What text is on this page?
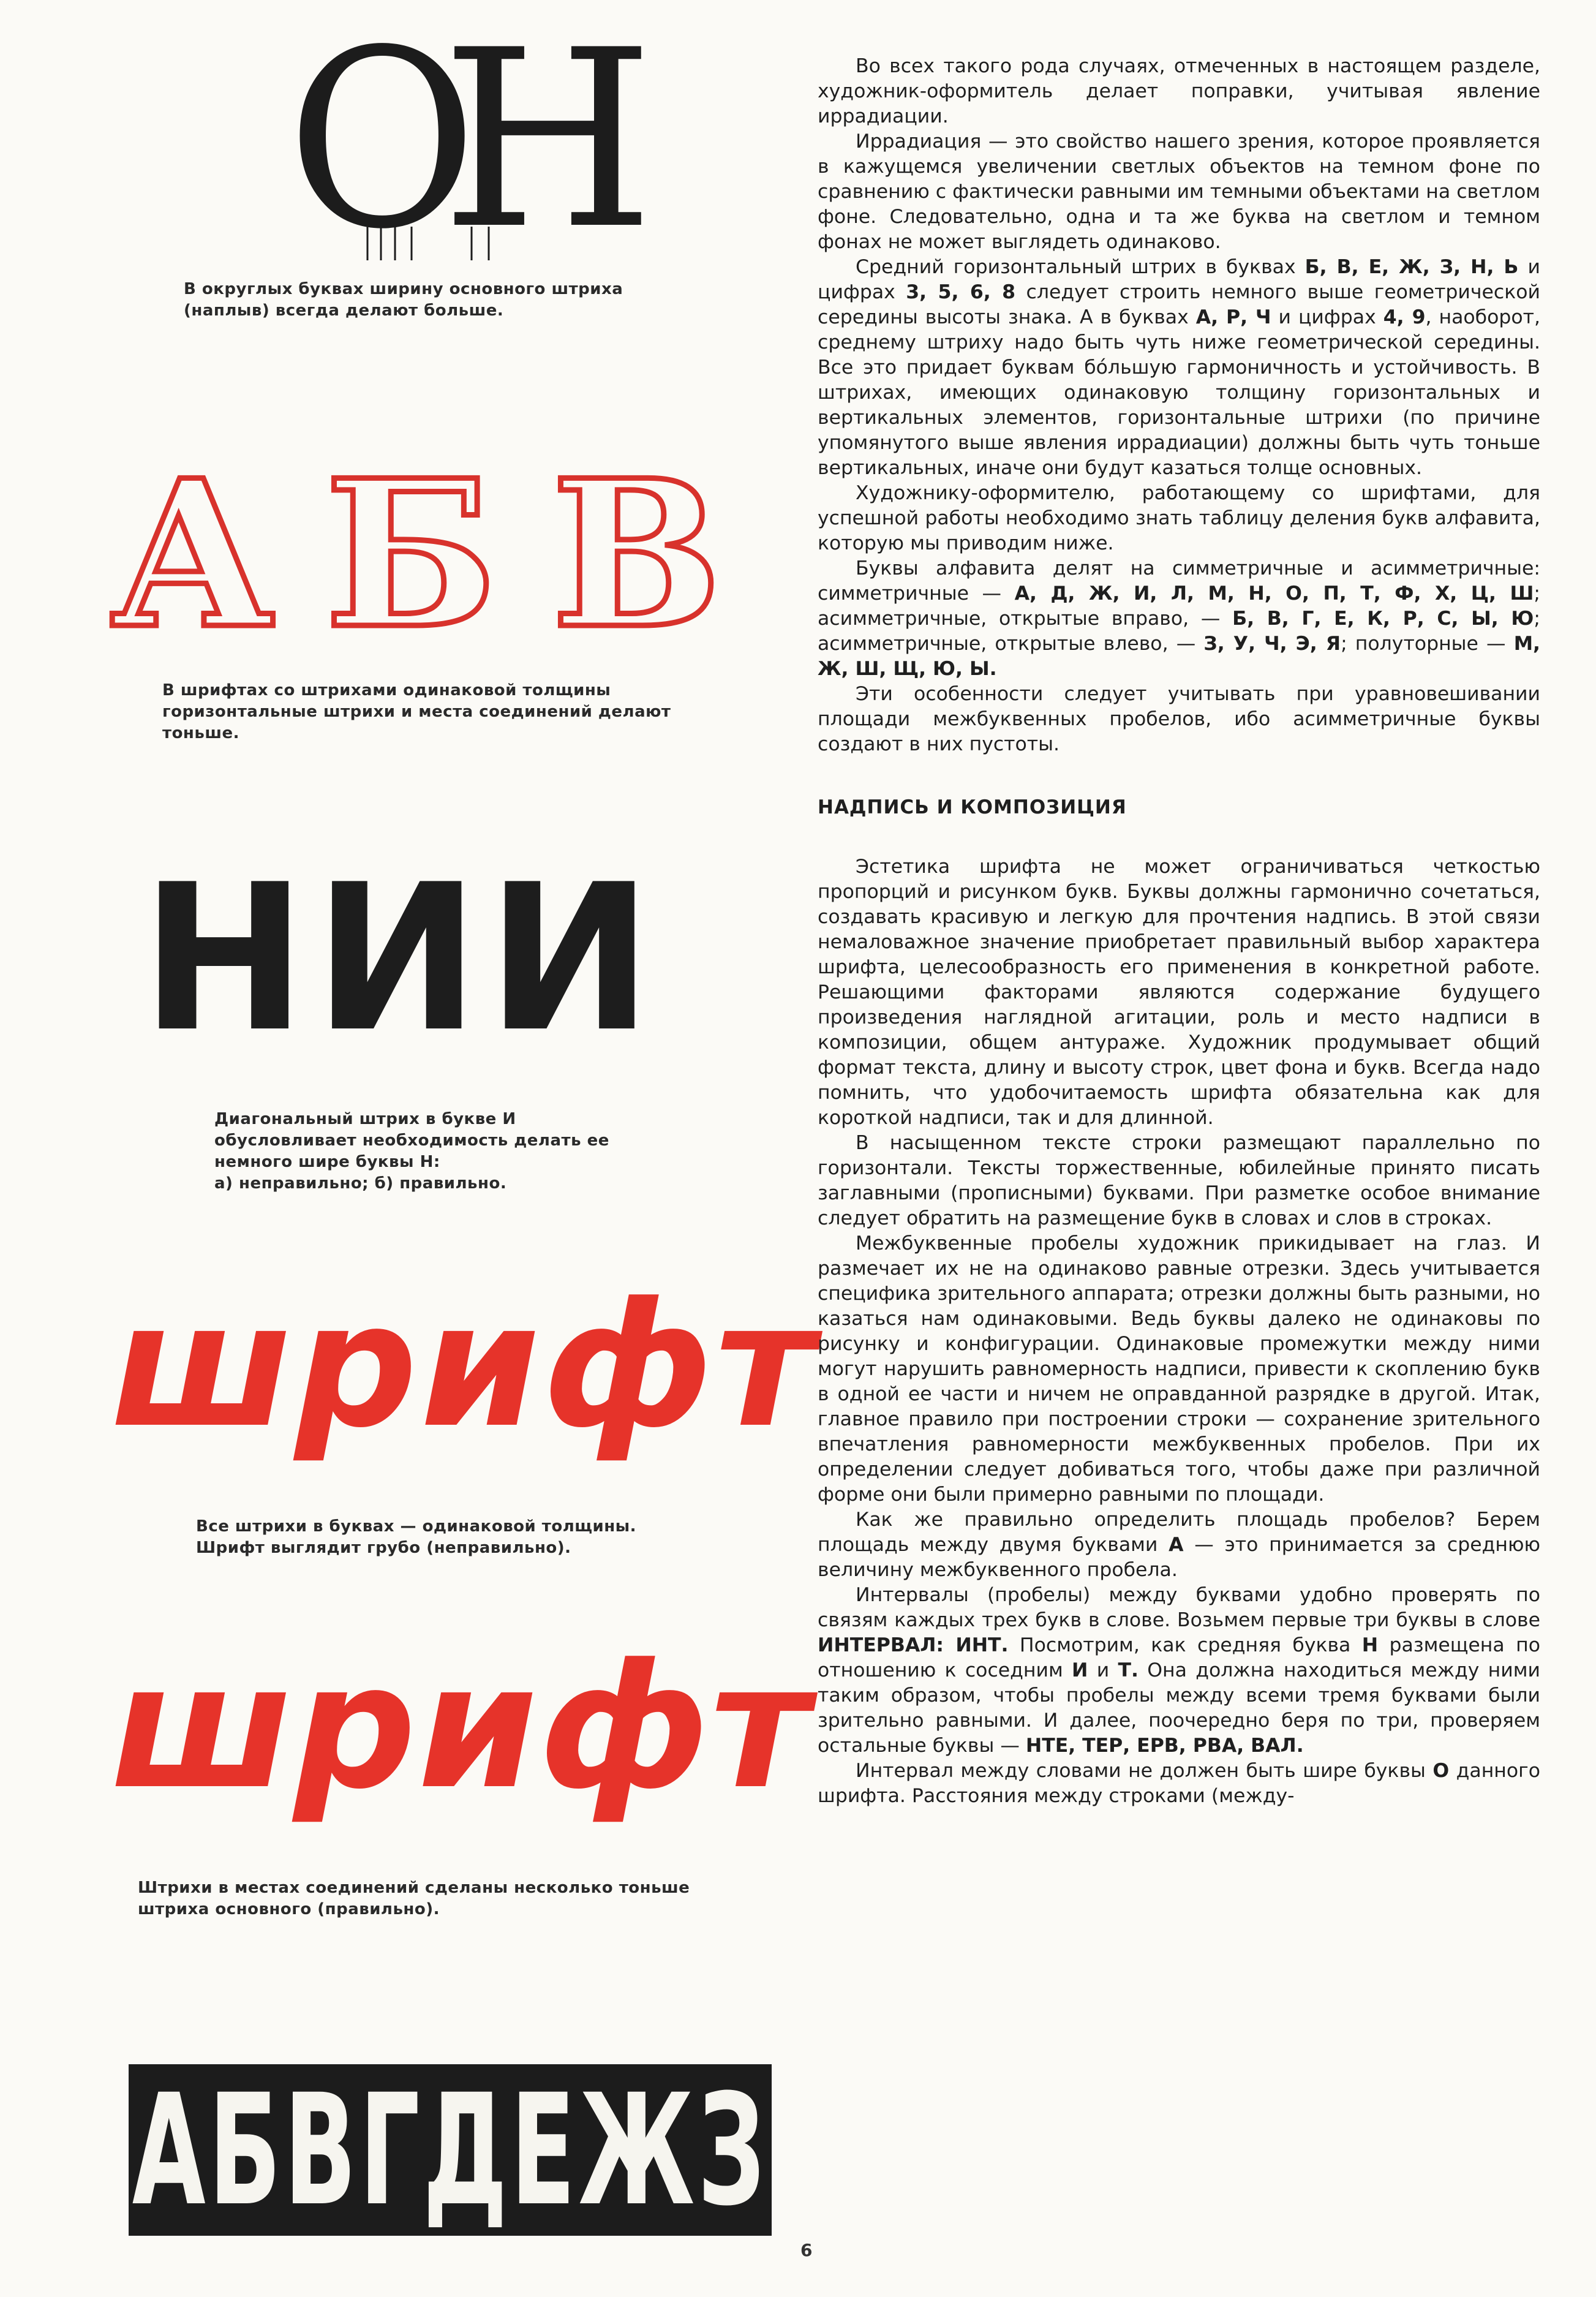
О
Н
В округлых буквах ширину основного штриха
(наплыв) всегда делают больше.
А Б В
В шрифтах со штрихами одинаковой толщины
горизонтальные штрихи и места соединений делают
тоньше.
НИИ
Диагональный штрих в букве И
обусловливает необходимость делать ее
немного шире буквы Н:
а) неправильно; б) правильно.
шрифт
Все штрихи в буквах — одинаковой толщины.
Шрифт выглядит грубо (неправильно).
шрифт
Штрихи в местах соединений сделаны несколько тоньше
штриха основного (правильно).
АБВГДЕЖЗ

Во всех такого рода случаях, отмеченных в настоящем разделе, художник-оформитель делает поправки, учитывая явление иррадиации.

Иррадиация — это свойство нашего зрения, которое проявляется в кажущемся увеличении светлых объектов на темном фоне по сравнению с фактически равными им темными объектами на светлом фоне. Следовательно, одна и та же буква на светлом и темном фонах не может выглядеть одинаково.

Средний горизонтальный штрих в буквах Б, В, Е, Ж, З, Н, Ь и цифрах 3, 5, 6, 8 следует строить немного выше геометрической середины высоты знака. А в буквах А, Р, Ч и цифрах 4, 9, наоборот, среднему штриху надо быть чуть ниже геометрической середины. Все это придает буквам бо́льшую гармоничность и устойчивость. В штрихах, имеющих одинаковую толщину горизонтальных и вертикальных элементов, горизонтальные штрихи (по причине упомянутого выше явления иррадиации) должны быть чуть тоньше вертикальных, иначе они будут казаться толще основных.

Художнику-оформителю, работающему со шрифтами, для успешной работы необходимо знать таблицу деления букв алфавита, которую мы приводим ниже.

Буквы алфавита делят на симметричные и асимметричные: симметричные — А, Д, Ж, И, Л, М, Н, О, П, Т, Ф, Х, Ц, Ш; асимметричные, открытые вправо, — Б, В, Г, Е, К, Р, С, Ы, Ю; асимметричные, открытые влево, — З, У, Ч, Э, Я; полуторные — М, Ж, Ш, Щ, Ю, Ы.

Эти особенности следует учитывать при уравновешивании площади межбуквенных пробелов, ибо асимметричные буквы создают в них пустоты.

НАДПИСЬ И КОМПОЗИЦИЯ

Эстетика шрифта не может ограничиваться четкостью пропорций и рисунком букв. Буквы должны гармонично сочетаться, создавать красивую и легкую для прочтения надпись. В этой связи немаловажное значение приобретает правильный выбор характера шрифта, целесообразность его применения в конкретной работе. Решающими факторами являются содержание будущего произведения наглядной агитации, роль и место надписи в композиции, общем антураже. Художник продумывает общий формат текста, длину и высоту строк, цвет фона и букв. Всегда надо помнить, что удобочитаемость шрифта обязательна как для короткой надписи, так и для длинной.

В насыщенном тексте строки размещают параллельно по горизонтали. Тексты торжественные, юбилейные принято писать заглавными (прописными) буквами. При разметке особое внимание следует обратить на размещение букв в словах и слов в строках.

Межбуквенные пробелы художник прикидывает на глаз. И размечает их не на одинаково равные отрезки. Здесь учитывается специфика зрительного аппарата; отрезки должны быть разными, но казаться нам одинаковыми. Ведь буквы далеко не одинаковы по рисунку и конфигурации. Одинаковые промежутки между ними могут нарушить равномерность надписи, привести к скоплению букв в одной ее части и ничем не оправданной разрядке в другой. Итак, главное правило при построении строки — сохранение зрительного впечатления равномерности межбуквенных пробелов. При их определении следует добиваться того, чтобы даже при различной форме они были примерно равными по площади.

Как же правильно определить площадь пробелов? Берем площадь между двумя буквами А — это принимается за среднюю величину межбуквенного пробела.

Интервалы (пробелы) между буквами удобно проверять по связям каждых трех букв в слове. Возьмем первые три буквы в слове ИНТЕРВАЛ: ИНТ. Посмотрим, как средняя буква Н размещена по отношению к соседним И и Т. Она должна находиться между ними таким образом, чтобы пробелы между всеми тремя буквами были зрительно равными. И далее, поочередно беря по три, проверяем остальные буквы — НТЕ, ТЕР, ЕРВ, РВА, ВАЛ.

Интервал между словами не должен быть шире буквы О данного шрифта. Расстояния между строками (между-

6
